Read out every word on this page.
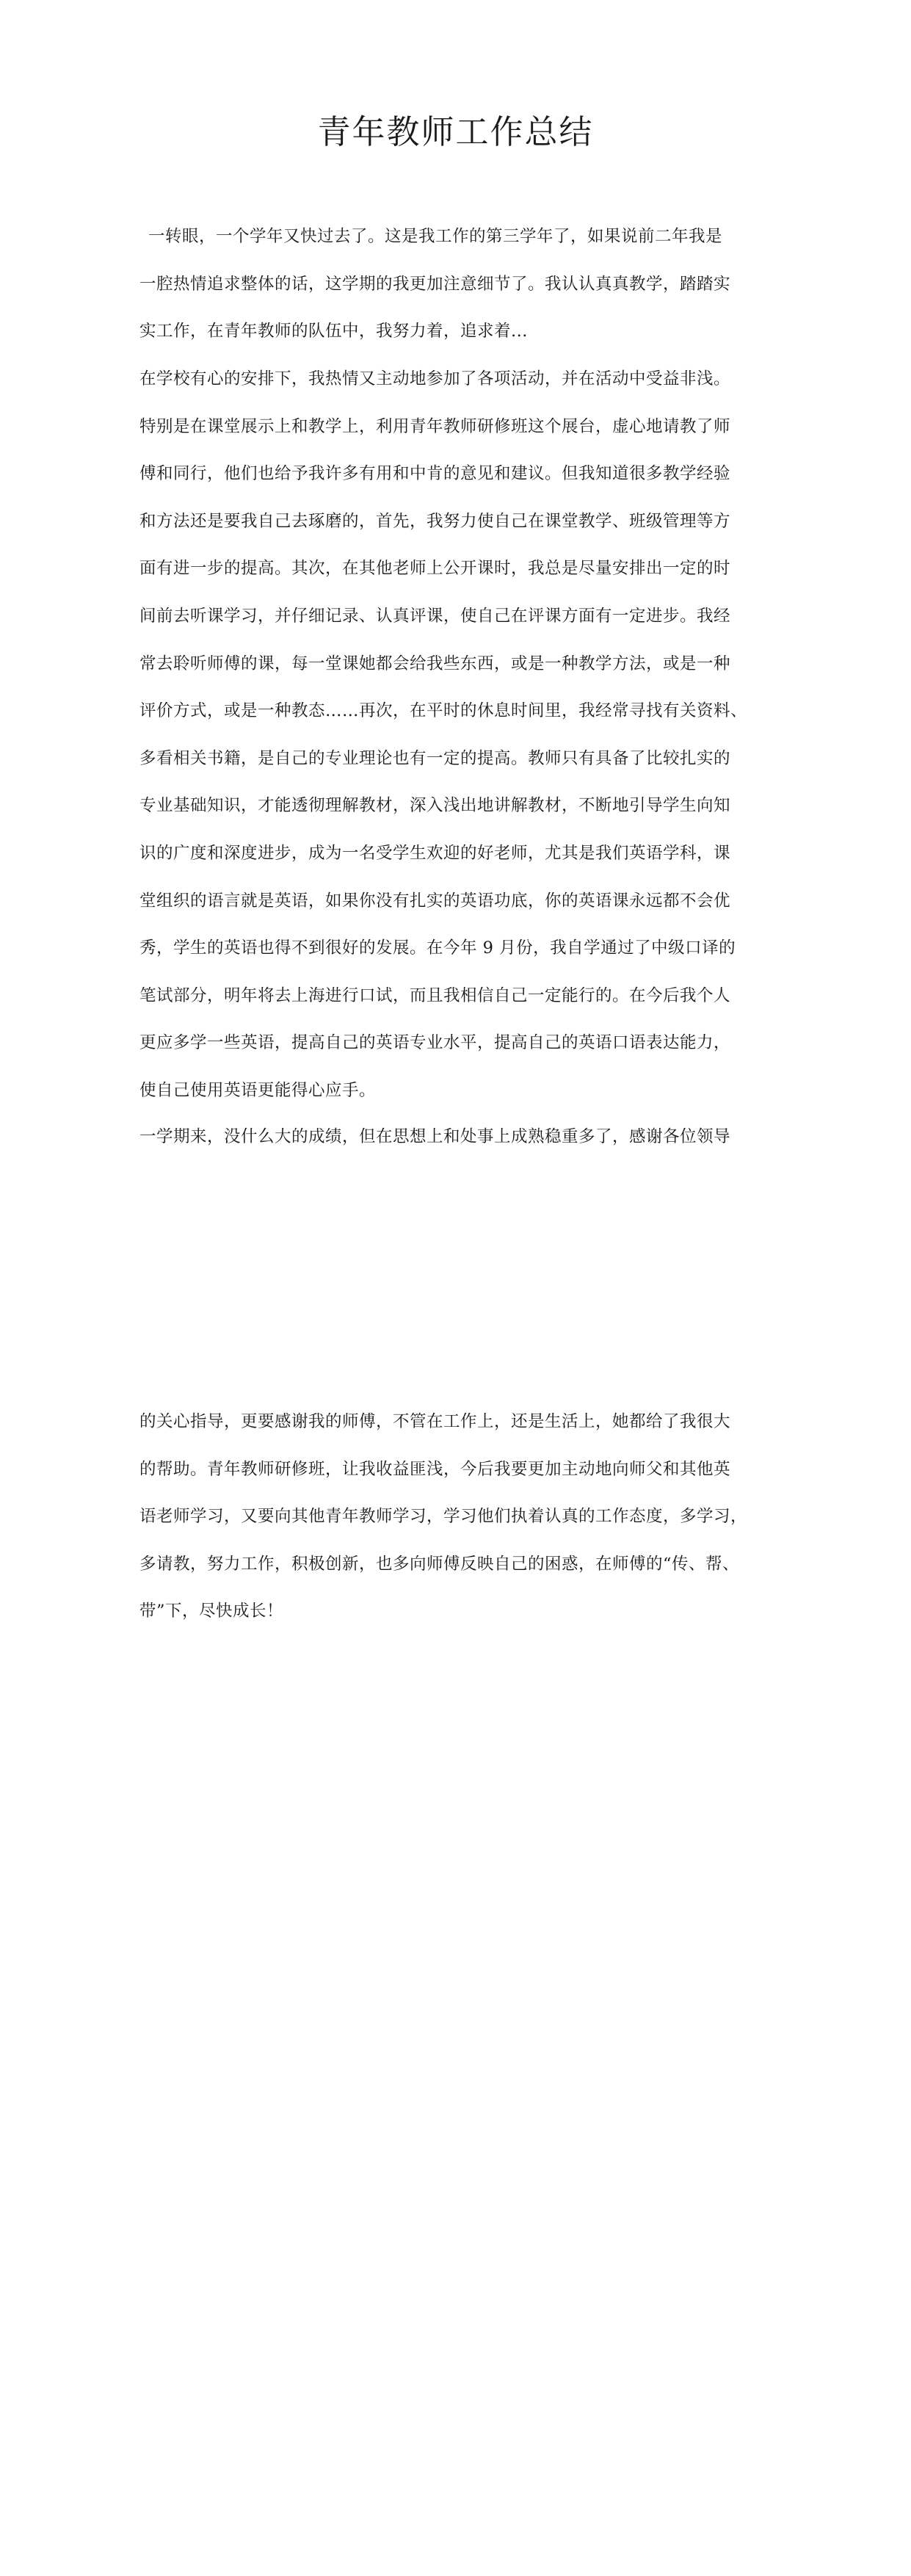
青年教师工作总结
一转眼，一个学年又快过去了。这是我工作的第三学年了，如果说前二年我是
一腔热情追求整体的话，这学期的我更加注意细节了。我认认真真教学，踏踏实
实工作，在青年教师的队伍中，我努力着，追求着...
在学校有心的安排下，我热情又主动地参加了各项活动，并在活动中受益非浅。
特别是在课堂展示上和教学上，利用青年教师研修班这个展台，虚心地请教了师
傅和同行，他们也给予我许多有用和中肯的意见和建议。但我知道很多教学经验
和方法还是要我自己去琢磨的，首先，我努力使自己在课堂教学、班级管理等方
面有进一步的提高。其次，在其他老师上公开课时，我总是尽量安排出一定的时
间前去听课学习，并仔细记录、认真评课，使自己在评课方面有一定进步。我经
常去聆听师傅的课，每一堂课她都会给我些东西，或是一种教学方法，或是一种
评价方式，或是一种教态……再次，在平时的休息时间里，我经常寻找有关资料、
多看相关书籍，是自己的专业理论也有一定的提高。教师只有具备了比较扎实的
专业基础知识，才能透彻理解教材，深入浅出地讲解教材，不断地引导学生向知
识的广度和深度进步，成为一名受学生欢迎的好老师，尤其是我们英语学科，课
堂组织的语言就是英语，如果你没有扎实的英语功底，你的英语课永远都不会优
秀，学生的英语也得不到很好的发展。在今年 9 月份，我自学通过了中级口译的
笔试部分，明年将去上海进行口试，而且我相信自己一定能行的。在今后我个人
更应多学一些英语，提高自己的英语专业水平，提高自己的英语口语表达能力，
使自己使用英语更能得心应手。
一学期来，没什么大的成绩，但在思想上和处事上成熟稳重多了，感谢各位领导
的关心指导，更要感谢我的师傅，不管在工作上，还是生活上，她都给了我很大
的帮助。青年教师研修班，让我收益匪浅，今后我要更加主动地向师父和其他英
语老师学习，又要向其他青年教师学习，学习他们执着认真的工作态度，多学习，
多请教，努力工作，积极创新，也多向师傅反映自己的困惑，在师傅的“传、帮、
带”下，尽快成长！
